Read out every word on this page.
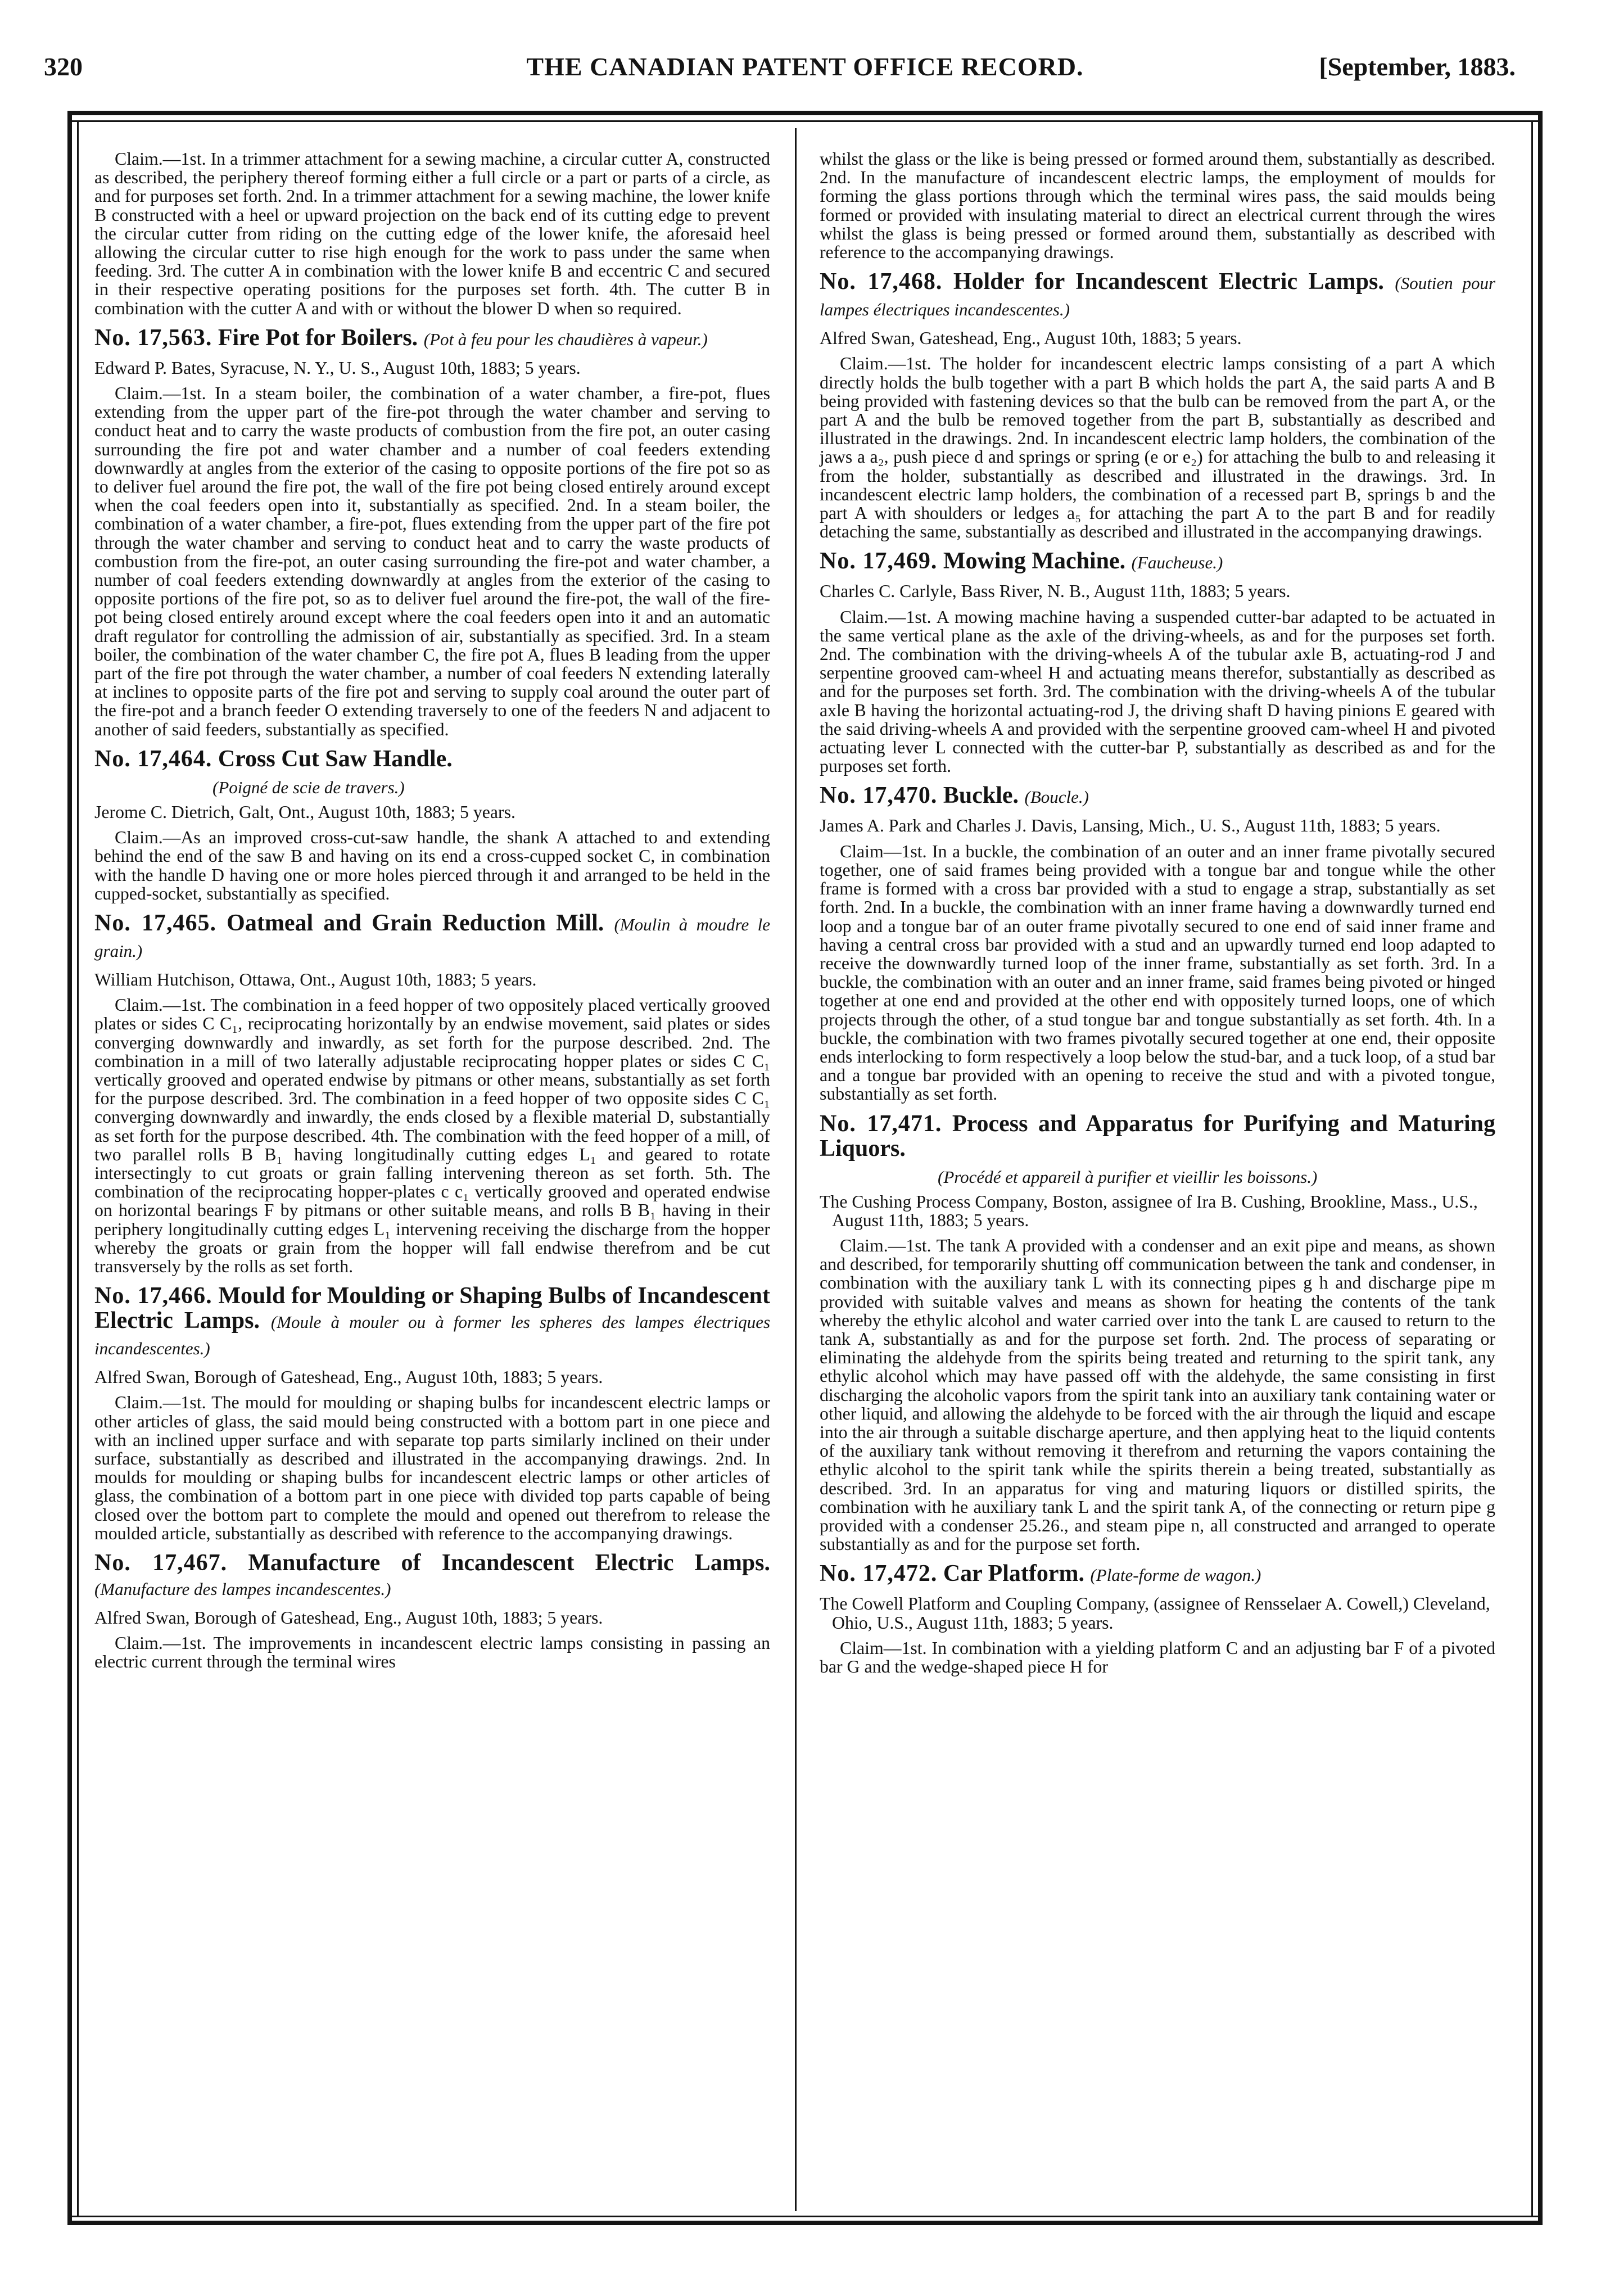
320	THE CANADIAN PATENT OFFICE RECORD.	[September, 1883.

Claim.—1st. In a trimmer attachment for a sewing machine, a circular cutter A, constructed as described, the periphery thereof forming either a full circle or a part or parts of a circle, as and for purposes set forth. 2nd. In a trimmer attachment for a sewing machine, the lower knife B constructed with a heel or upward projection on the back end of its cutting edge to prevent the circular cutter from riding on the cutting edge of the lower knife, the aforesaid heel allowing the circular cutter to rise high enough for the work to pass under the same when feeding. 3rd. The cutter A in combination with the lower knife B and eccentric C and secured in their respective operating positions for the purposes set forth. 4th. The cutter B in combination with the cutter A and with or without the blower D when so required.

No. 17,563. Fire Pot for Boilers. (Pot à feu pour les chaudières à vapeur.)

Edward P. Bates, Syracuse, N. Y., U. S., August 10th, 1883; 5 years.

Claim.—1st. In a steam boiler, the combination of a water chamber, a fire-pot, flues extending from the upper part of the fire-pot through the water chamber and serving to conduct heat and to carry the waste products of combustion from the fire pot, an outer casing surrounding the fire pot and water chamber and a number of coal feeders extending downwardly at angles from the exterior of the casing to opposite portions of the fire pot so as to deliver fuel around the fire pot, the wall of the fire pot being closed entirely around except when the coal feeders open into it, substantially as specified. 2nd. In a steam boiler, the combination of a water chamber, a fire-pot, flues extending from the upper part of the fire pot through the water chamber and serving to conduct heat and to carry the waste products of combustion from the fire-pot, an outer casing surrounding the fire-pot and water chamber, a number of coal feeders extending downwardly at angles from the exterior of the casing to opposite portions of the fire pot, so as to deliver fuel around the fire-pot, the wall of the fire-pot being closed entirely around except where the coal feeders open into it and an automatic draft regulator for controlling the admission of air, substantially as specified. 3rd. In a steam boiler, the combination of the water chamber C, the fire pot A, flues B leading from the upper part of the fire pot through the water chamber, a number of coal feeders N extending laterally at inclines to opposite parts of the fire pot and serving to supply coal around the outer part of the fire-pot and a branch feeder O extending traversely to one of the feeders N and adjacent to another of said feeders, substantially as specified.

No. 17,464. Cross Cut Saw Handle.
(Poigné de scie de travers.)

Jerome C. Dietrich, Galt, Ont., August 10th, 1883; 5 years.

Claim.—As an improved cross-cut-saw handle, the shank A attached to and extending behind the end of the saw B and having on its end a cross-cupped socket C, in combination with the handle D having one or more holes pierced through it and arranged to be held in the cupped-socket, substantially as specified.

No. 17,465. Oatmeal and Grain Reduction Mill. (Moulin à moudre le grain.)

William Hutchison, Ottawa, Ont., August 10th, 1883; 5 years.

Claim.—1st. The combination in a feed hopper of two oppositely placed vertically grooved plates or sides C C₁, reciprocating horizontally by an endwise movement, said plates or sides converging downwardly and inwardly, as set forth for the purpose described. 2nd. The combination in a mill of two laterally adjustable reciprocating hopper plates or sides C C₁ vertically grooved and operated endwise by pitmans or other means, substantially as set forth for the purpose described. 3rd. The combination in a feed hopper of two opposite sides C C₁ converging downwardly and inwardly, the ends closed by a flexible material D, substantially as set forth for the purpose described. 4th. The combination with the feed hopper of a mill, of two parallel rolls B B₁ having longitudinally cutting edges L₁ and geared to rotate intersectingly to cut groats or grain falling intervening thereon as set forth. 5th. The combination of the reciprocating hopper-plates c c₁ vertically grooved and operated endwise on horizontal bearings F by pitmans or other suitable means, and rolls B B₁ having in their periphery longitudinally cutting edges L₁ intervening receiving the discharge from the hopper whereby the groats or grain from the hopper will fall endwise therefrom and be cut transversely by the rolls as set forth.

No. 17,466. Mould for Moulding or Shaping Bulbs of Incandescent Electric Lamps. (Moule à mouler ou à former les spheres des lampes électriques incandescentes.)

Alfred Swan, Borough of Gateshead, Eng., August 10th, 1883; 5 years.

Claim.—1st. The mould for moulding or shaping bulbs for incandescent electric lamps or other articles of glass, the said mould being constructed with a bottom part in one piece and with an inclined upper surface and with separate top parts similarly inclined on their under surface, substantially as described and illustrated in the accompanying drawings. 2nd. In moulds for moulding or shaping bulbs for incandescent electric lamps or other articles of glass, the combination of a bottom part in one piece with divided top parts capable of being closed over the bottom part to complete the mould and opened out therefrom to release the moulded article, substantially as described with reference to the accompanying drawings.

No. 17,467. Manufacture of Incandescent Electric Lamps. (Manufacture des lampes incandescentes.)

Alfred Swan, Borough of Gateshead, Eng., August 10th, 1883; 5 years.

Claim.—1st. The improvements in incandescent electric lamps consisting in passing an electric current through the terminal wires

whilst the glass or the like is being pressed or formed around them, substantially as described. 2nd. In the manufacture of incandescent electric lamps, the employment of moulds for forming the glass portions through which the terminal wires pass, the said moulds being formed or provided with insulating material to direct an electrical current through the wires whilst the glass is being pressed or formed around them, substantially as described with reference to the accompanying drawings.

No. 17,468. Holder for Incandescent Electric Lamps. (Soutien pour lampes électriques incandescentes.)

Alfred Swan, Gateshead, Eng., August 10th, 1883; 5 years.

Claim.—1st. The holder for incandescent electric lamps consisting of a part A which directly holds the bulb together with a part B which holds the part A, the said parts A and B being provided with fastening devices so that the bulb can be removed from the part A, or the part A and the bulb be removed together from the part B, substantially as described and illustrated in the drawings. 2nd. In incandescent electric lamp holders, the combination of the jaws a a₂, push piece d and springs or spring (e or e₂) for attaching the bulb to and releasing it from the holder, substantially as described and illustrated in the drawings. 3rd. In incandescent electric lamp holders, the combination of a recessed part B, springs b and the part A with shoulders or ledges a₅ for attaching the part A to the part B and for readily detaching the same, substantially as described and illustrated in the accompanying drawings.

No. 17,469. Mowing Machine. (Faucheuse.)

Charles C. Carlyle, Bass River, N. B., August 11th, 1883; 5 years.

Claim.—1st. A mowing machine having a suspended cutter-bar adapted to be actuated in the same vertical plane as the axle of the driving-wheels, as and for the purposes set forth. 2nd. The combination with the driving-wheels A of the tubular axle B, actuating-rod J and serpentine grooved cam-wheel H and actuating means therefor, substantially as described as and for the purposes set forth. 3rd. The combination with the driving-wheels A of the tubular axle B having the horizontal actuating-rod J, the driving shaft D having pinions E geared with the said driving-wheels A and provided with the serpentine grooved cam-wheel H and pivoted actuating lever L connected with the cutter-bar P, substantially as described as and for the purposes set forth.

No. 17,470. Buckle. (Boucle.)

James A. Park and Charles J. Davis, Lansing, Mich., U. S., August 11th, 1883; 5 years.

Claim—1st. In a buckle, the combination of an outer and an inner frame pivotally secured together, one of said frames being provided with a tongue bar and tongue while the other frame is formed with a cross bar provided with a stud to engage a strap, substantially as set forth. 2nd. In a buckle, the combination with an inner frame having a downwardly turned end loop and a tongue bar of an outer frame pivotally secured to one end of said inner frame and having a central cross bar provided with a stud and an upwardly turned end loop adapted to receive the downwardly turned loop of the inner frame, substantially as set forth. 3rd. In a buckle, the combination with an outer and an inner frame, said frames being pivoted or hinged together at one end and provided at the other end with oppositely turned loops, one of which projects through the other, of a stud tongue bar and tongue substantially as set forth. 4th. In a buckle, the combination with two frames pivotally secured together at one end, their opposite ends interlocking to form respectively a loop below the stud-bar, and a tuck loop, of a stud bar and a tongue bar provided with an opening to receive the stud and with a pivoted tongue, substantially as set forth.

No. 17,471. Process and Apparatus for Purifying and Maturing Liquors.
(Procédé et appareil à purifier et vieillir les boissons.)

The Cushing Process Company, Boston, assignee of Ira B. Cushing, Brookline, Mass., U.S., August 11th, 1883; 5 years.

Claim.—1st. The tank A provided with a condenser and an exit pipe and means, as shown and described, for temporarily shutting off communication between the tank and condenser, in combination with the auxiliary tank L with its connecting pipes g h and discharge pipe m provided with suitable valves and means as shown for heating the contents of the tank whereby the ethylic alcohol and water carried over into the tank L are caused to return to the tank A, substantially as and for the purpose set forth. 2nd. The process of separating or eliminating the aldehyde from the spirits being treated and returning to the spirit tank, any ethylic alcohol which may have passed off with the aldehyde, the same consisting in first discharging the alcoholic vapors from the spirit tank into an auxiliary tank containing water or other liquid, and allowing the aldehyde to be forced with the air through the liquid and escape into the air through a suitable discharge aperture, and then applying heat to the liquid contents of the auxiliary tank without removing it therefrom and returning the vapors containing the ethylic alcohol to the spirit tank while the spirits therein a being treated, substantially as described. 3rd. In an apparatus for ving and maturing liquors or distilled spirits, the combination with he auxiliary tank L and the spirit tank A, of the connecting or return pipe g provided with a condenser 25.26., and steam pipe n, all constructed and arranged to operate substantially as and for the purpose set forth.

No. 17,472. Car Platform. (Plate-forme de wagon.)

The Cowell Platform and Coupling Company, (assignee of Rensselaer A. Cowell,) Cleveland, Ohio, U.S., August 11th, 1883; 5 years.

Claim—1st. In combination with a yielding platform C and an adjusting bar F of a pivoted bar G and the wedge-shaped piece H for
